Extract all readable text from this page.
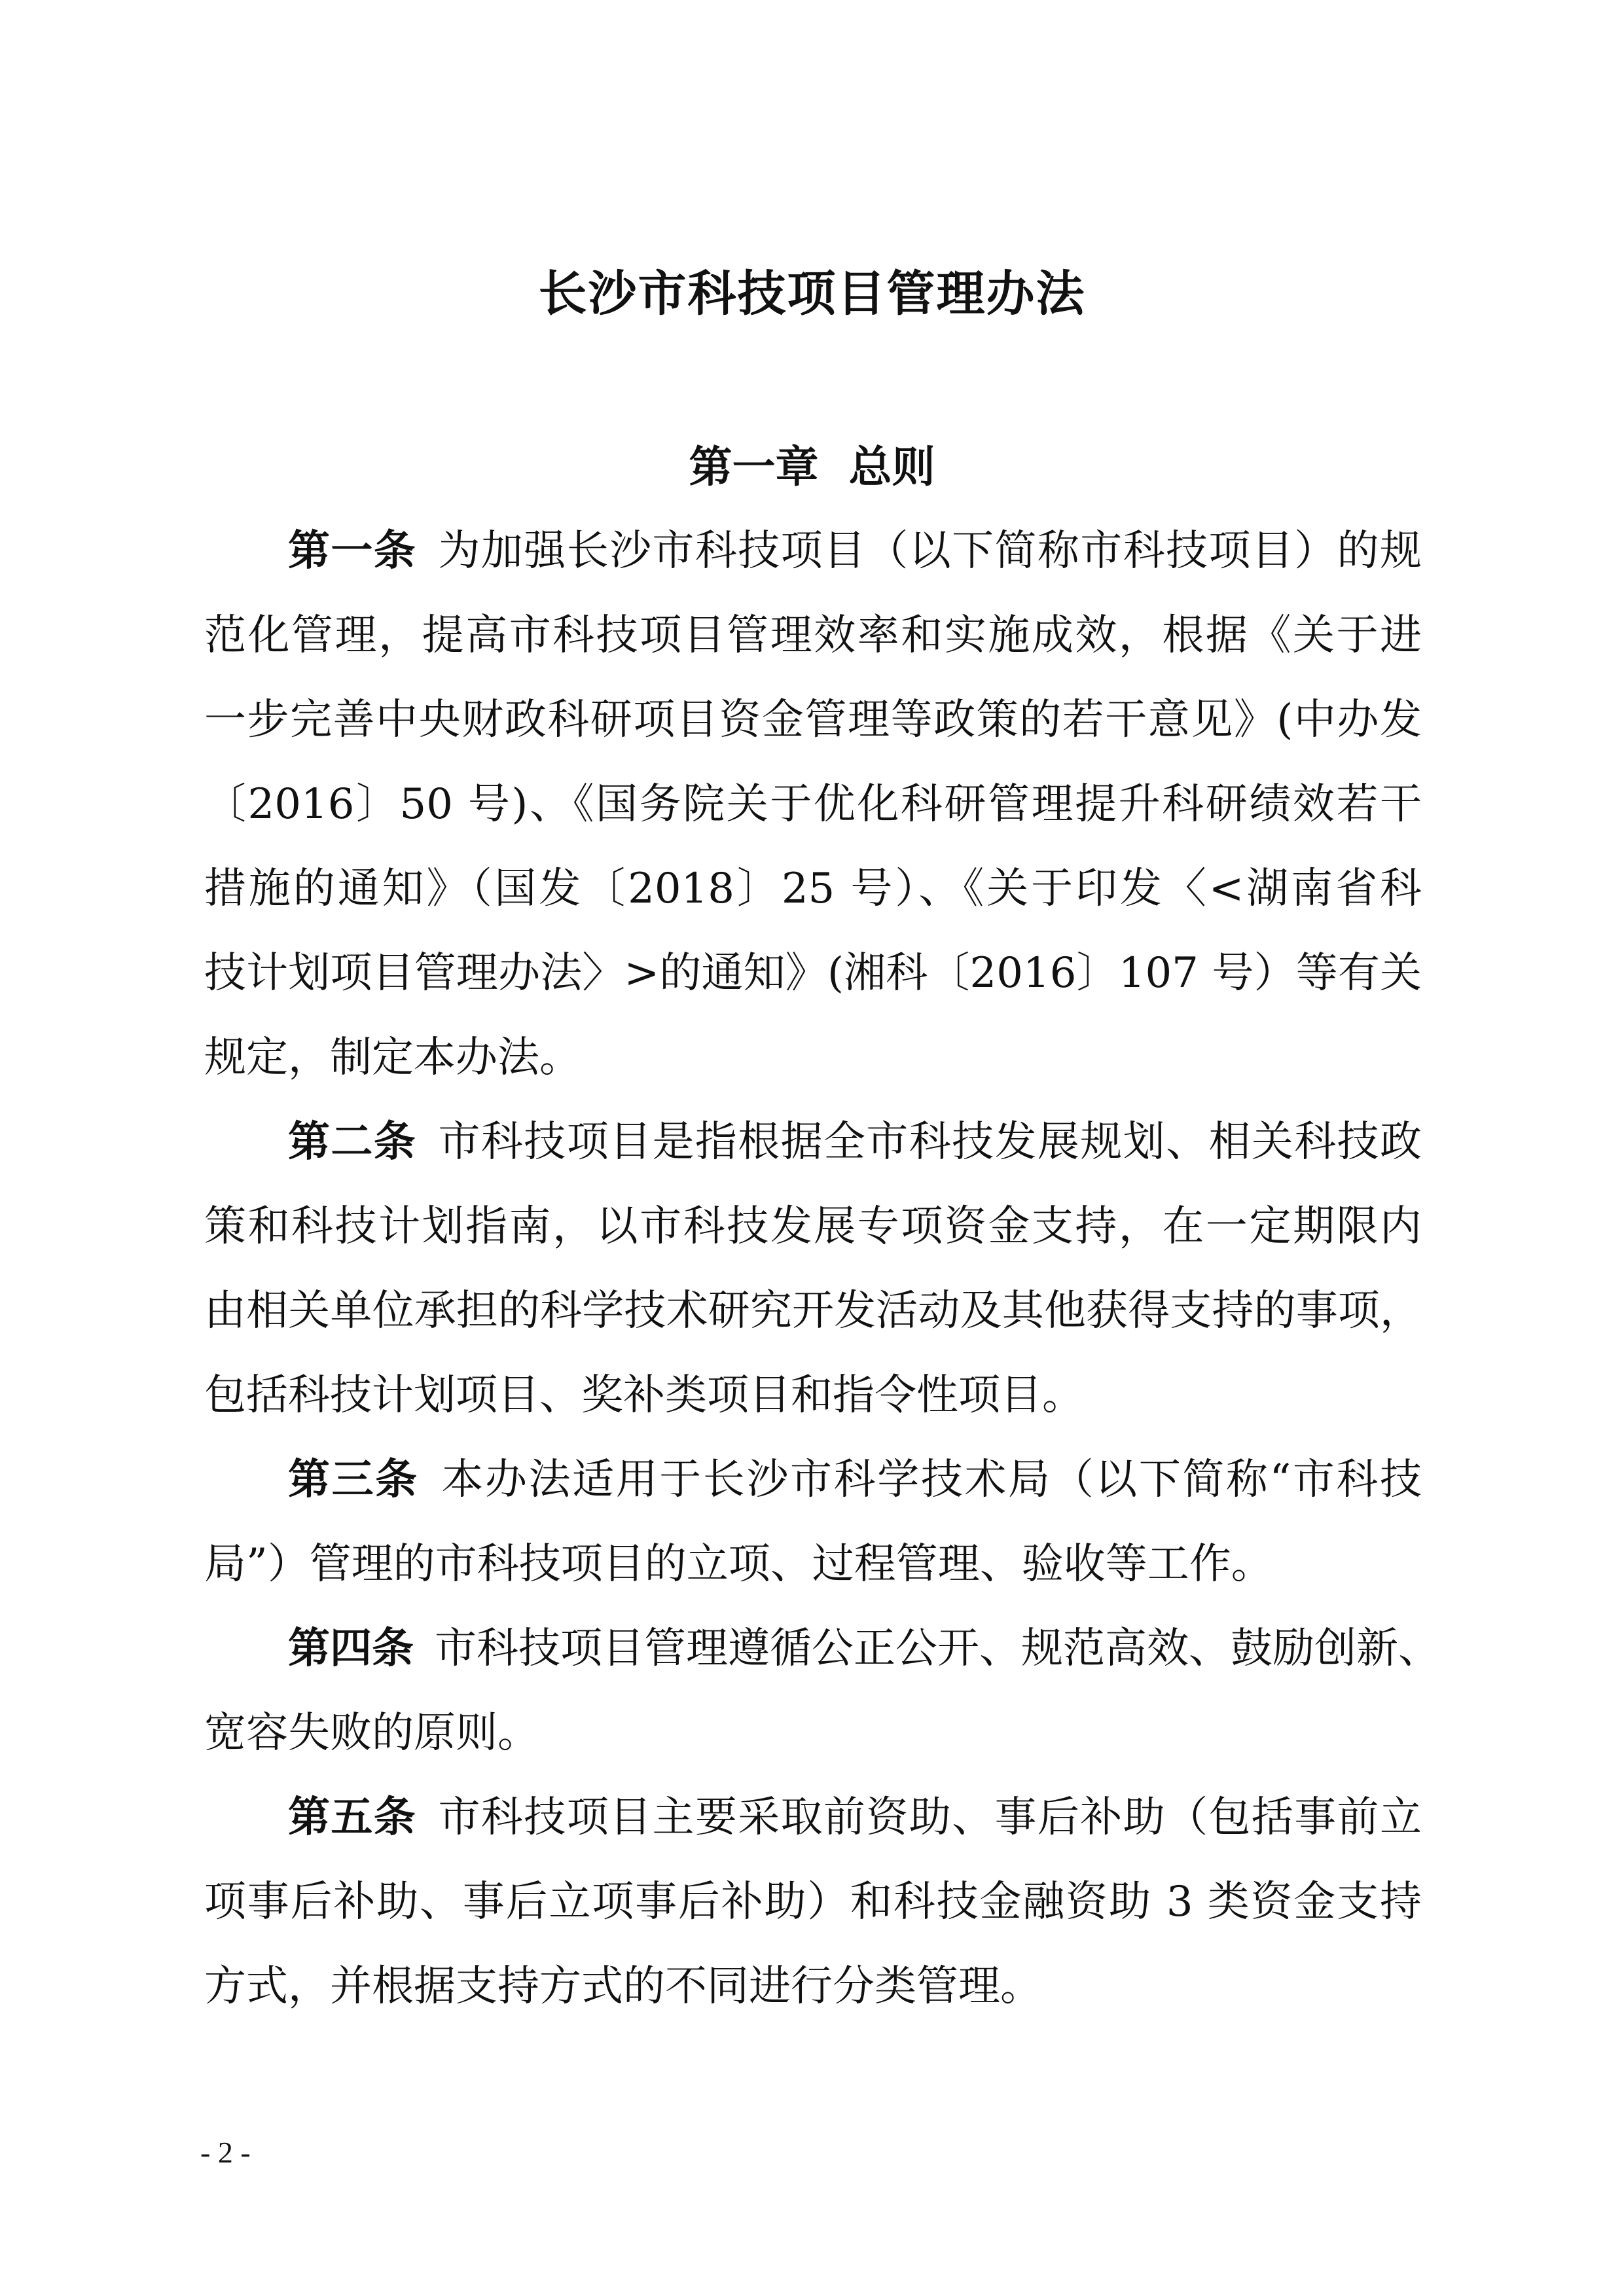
长沙市科技项目管理办法
第一章  总则

第一条  为加强长沙市科技项目（以下简称市科技项目）的规
范化管理，提高市科技项目管理效率和实施成效，根据《关于进
一步完善中央财政科研项目资金管理等政策的若干意见》(中办发
〔2016〕50 号)、《国务院关于优化科研管理提升科研绩效若干
措施的通知》（国发〔2018〕25 号）、《关于印发〈<湖南省科
技计划项目管理办法〉>的通知》(湘科〔2016〕107 号）等有关
规定，制定本办法。

第二条  市科技项目是指根据全市科技发展规划、相关科技政
策和科技计划指南，以市科技发展专项资金支持，在一定期限内
由相关单位承担的科学技术研究开发活动及其他获得支持的事项，
包括科技计划项目、奖补类项目和指令性项目。

第三条  本办法适用于长沙市科学技术局（以下简称“市科技
局”）管理的市科技项目的立项、过程管理、验收等工作。

第四条  市科技项目管理遵循公正公开、规范高效、鼓励创新、
宽容失败的原则。

第五条  市科技项目主要采取前资助、事后补助（包括事前立
项事后补助、事后立项事后补助）和科技金融资助 3 类资金支持
方式，并根据支持方式的不同进行分类管理。

- 2 -
